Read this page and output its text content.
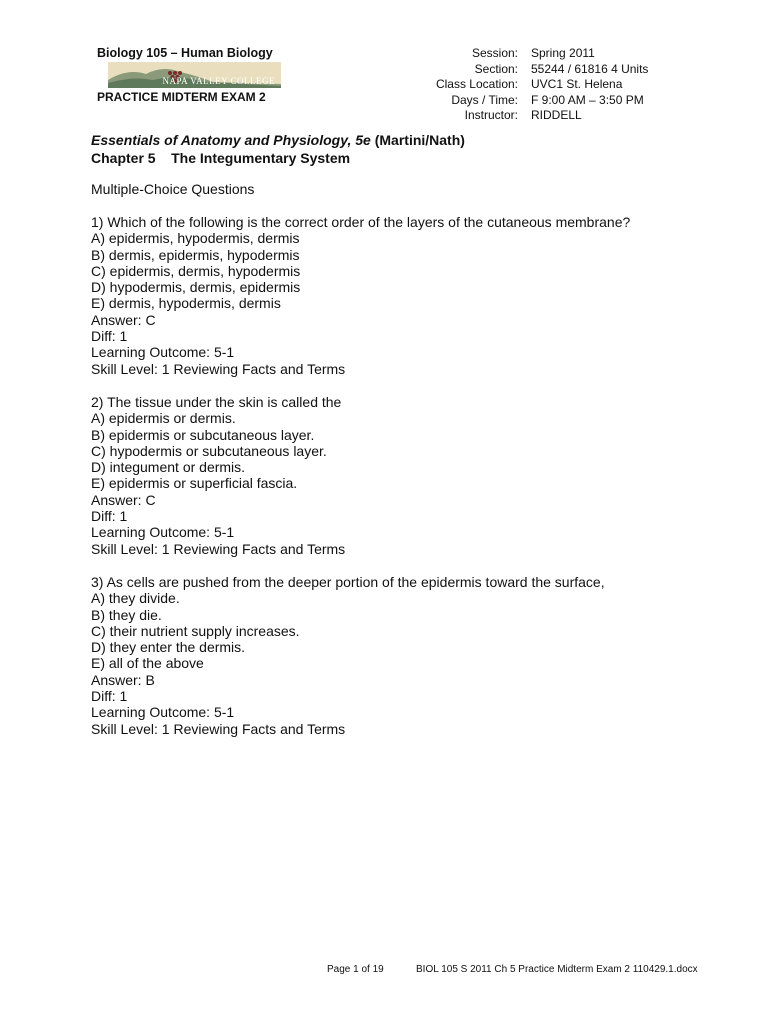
Biology 105 – Human Biology
NAPA VALLEY COLLEGE
PRACTICE MIDTERM EXAM 2
Session:
Section:
Class Location:
Days / Time:
Instructor:
Spring 2011
55244 / 61816 4 Units
UVC1 St. Helena
F 9:00 AM – 3:50 PM
RIDDELL
Essentials of Anatomy and Physiology, 5e (Martini/Nath)
Chapter 5    The Integumentary System
Multiple-Choice Questions
1) Which of the following is the correct order of the layers of the cutaneous membrane?
A) epidermis, hypodermis, dermis
B) dermis, epidermis, hypodermis
C) epidermis, dermis, hypodermis
D) hypodermis, dermis, epidermis
E) dermis, hypodermis, dermis
Answer: C
Diff: 1
Learning Outcome: 5-1
Skill Level: 1 Reviewing Facts and Terms
2) The tissue under the skin is called the
A) epidermis or dermis.
B) epidermis or subcutaneous layer.
C) hypodermis or subcutaneous layer.
D) integument or dermis.
E) epidermis or superficial fascia.
Answer: C
Diff: 1
Learning Outcome: 5-1
Skill Level: 1 Reviewing Facts and Terms
3) As cells are pushed from the deeper portion of the epidermis toward the surface,
A) they divide.
B) they die.
C) their nutrient supply increases.
D) they enter the dermis.
E) all of the above
Answer: B
Diff: 1
Learning Outcome: 5-1
Skill Level: 1 Reviewing Facts and Terms
Page 1 of 19	BIOL 105 S 2011 Ch 5 Practice Midterm Exam 2 110429.1.docx
